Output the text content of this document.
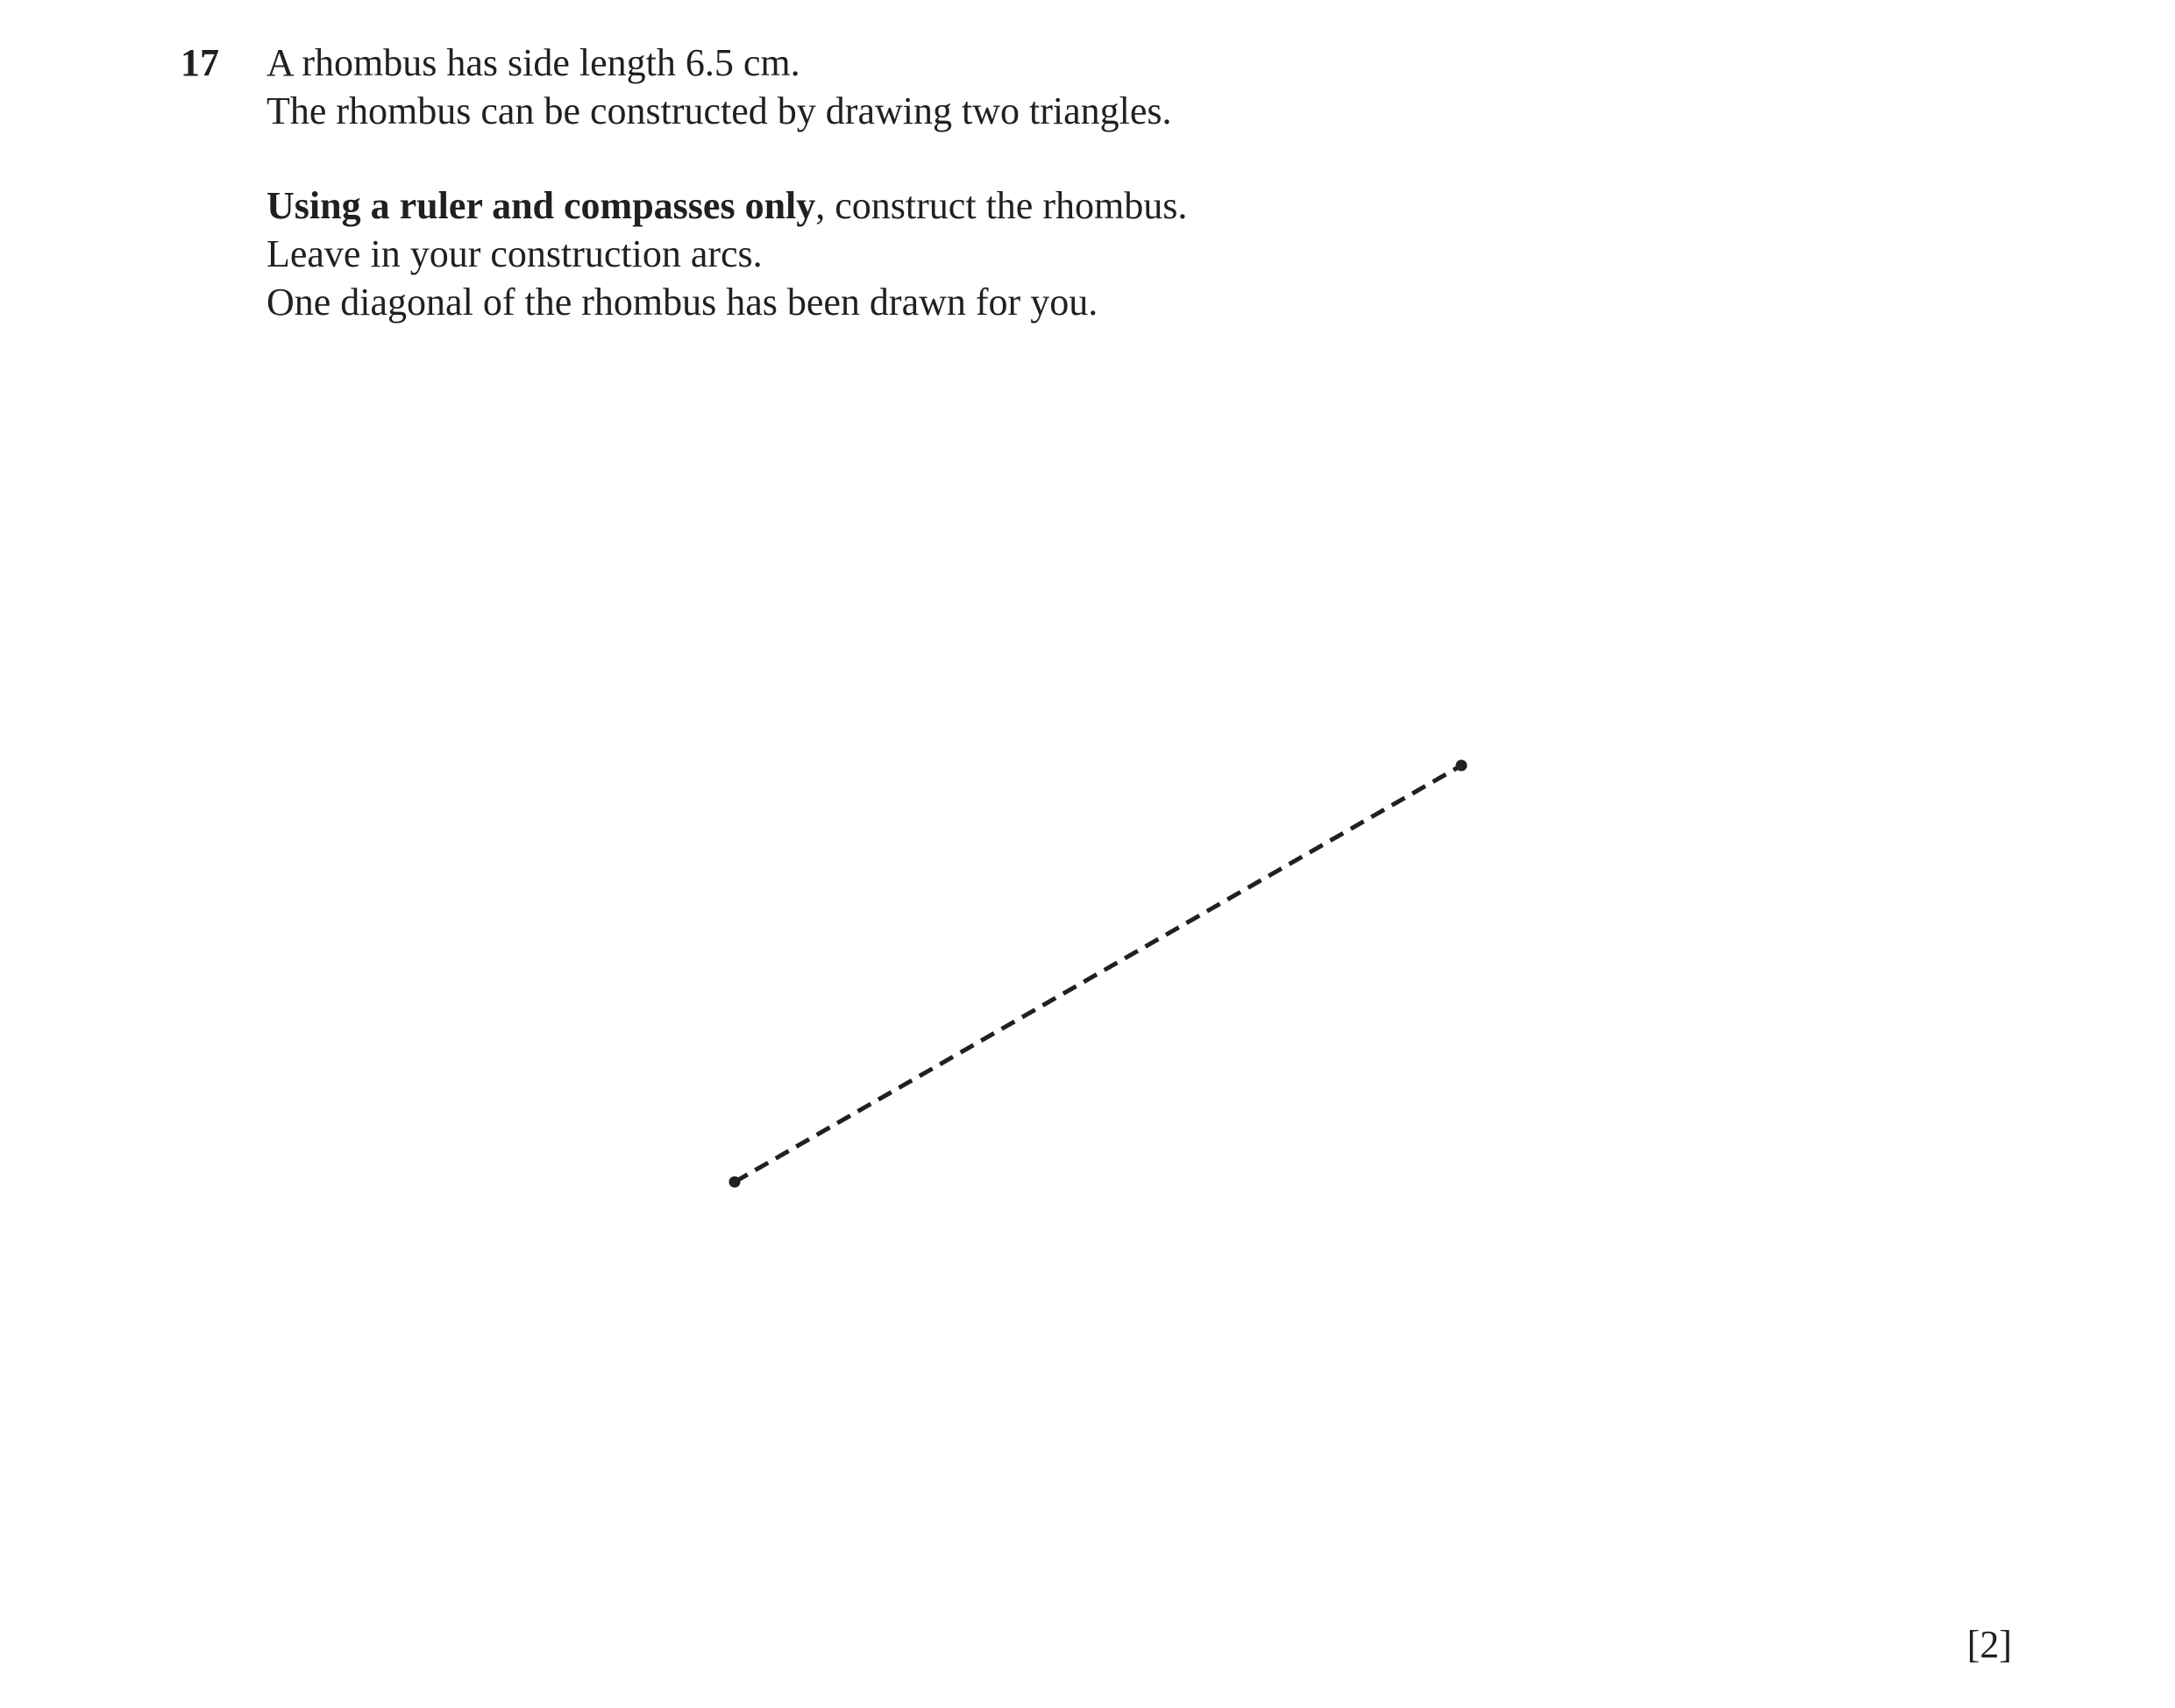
17 A rhombus has side length 6.5 cm.

The rhombus can be constructed by drawing two triangles.

Using a ruler and compasses only, construct the rhombus.

Leave in your construction arcs.

One diagonal of the rhombus has been drawn for you.

[2]
